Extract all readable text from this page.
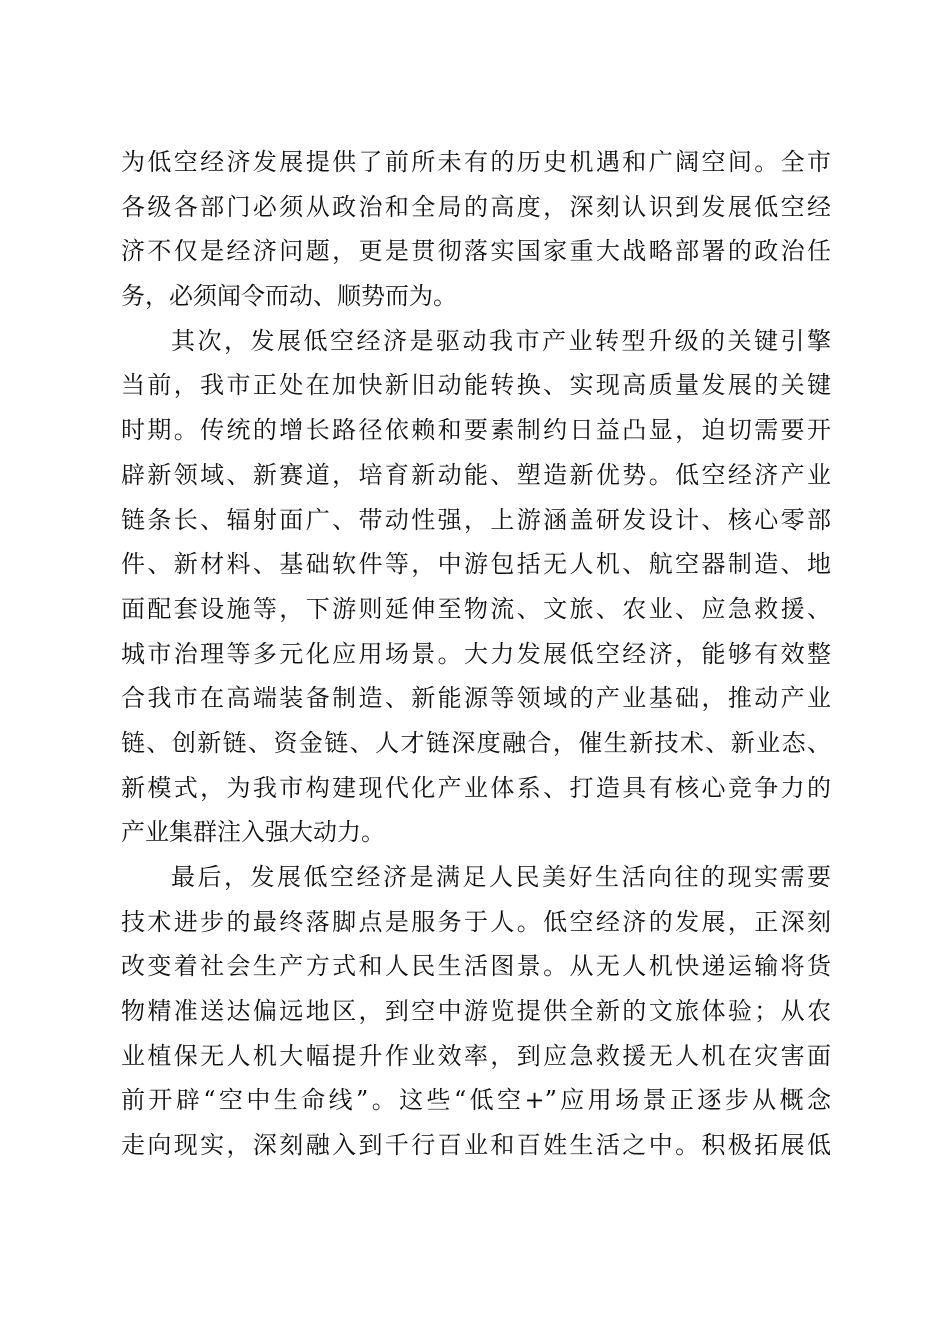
为低空经济发展提供了前所未有的历史机遇和广阔空间。全市
各级各部门必须从政治和全局的高度，深刻认识到发展低空经
济不仅是经济问题，更是贯彻落实国家重大战略部署的政治任
务，必须闻令而动、顺势而为。
其次，发展低空经济是驱动我市产业转型升级的关键引擎
当前，我市正处在加快新旧动能转换、实现高质量发展的关键
时期。传统的增长路径依赖和要素制约日益凸显，迫切需要开
辟新领域、新赛道，培育新动能、塑造新优势。低空经济产业
链条长、辐射面广、带动性强，上游涵盖研发设计、核心零部
件、新材料、基础软件等，中游包括无人机、航空器制造、地
面配套设施等，下游则延伸至物流、文旅、农业、应急救援、
城市治理等多元化应用场景。大力发展低空经济，能够有效整
合我市在高端装备制造、新能源等领域的产业基础，推动产业
链、创新链、资金链、人才链深度融合，催生新技术、新业态、
新模式，为我市构建现代化产业体系、打造具有核心竞争力的
产业集群注入强大动力。
最后，发展低空经济是满足人民美好生活向往的现实需要
技术进步的最终落脚点是服务于人。低空经济的发展，正深刻
改变着社会生产方式和人民生活图景。从无人机快递运输将货
物精准送达偏远地区，到空中游览提供全新的文旅体验；从农
业植保无人机大幅提升作业效率，到应急救援无人机在灾害面
前开辟“空中生命线”。这些“低空+”应用场景正逐步从概念
走向现实，深刻融入到千行百业和百姓生活之中。积极拓展低
